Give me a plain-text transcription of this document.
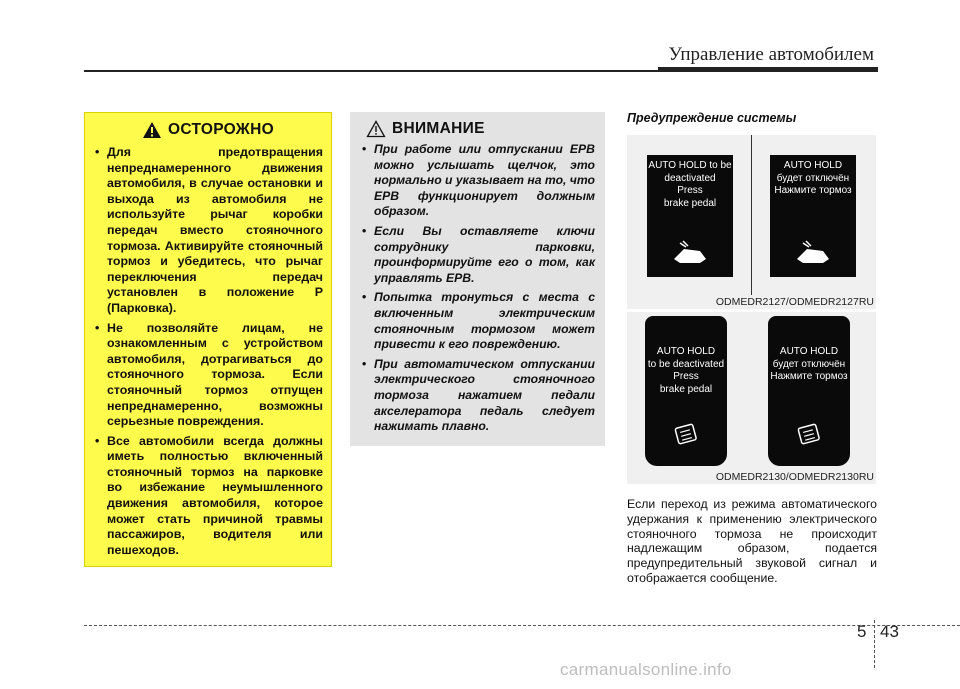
Управление автомобилем
ОСТОРОЖНО
• Для предотвращения непреднамеренного движения автомобиля, в случае остановки и выхода из автомобиля не используйте рычаг коробки передач вместо стояночного тормоза. Активируйте стояночный тормоз и убедитесь, что рычаг переключения передач установлен в положение P (Парковка).
• Не позволяйте лицам, не ознакомленным с устройством автомобиля, дотрагиваться до стояночного тормоза. Если стояночный тормоз отпущен непреднамеренно, возможны серьезные повреждения.
• Все автомобили всегда должны иметь полностью включенный стояночный тормоз на парковке во избежание неумышленного движения автомобиля, которое может стать причиной травмы пассажиров, водителя или пешеходов.
ВНИМАНИЕ
• При работе или отпускании EPB можно услышать щелчок, это нормально и указывает на то, что EPB функционирует должным образом.
• Если Вы оставляете ключи сотруднику парковки, проинформируйте его о том, как управлять EPB.
• Попытка тронуться с места с включенным электрическим стояночным тормозом может привести к его повреждению.
• При автоматическом отпускании электрического стояночного тормоза нажатием педали акселератора педаль следует нажимать плавно.
Предупреждение системы
AUTO HOLD to be
deactivated
Press
brake pedal
AUTO HOLD
будет отключён
Нажмите тормоз
ODMEDR2127/ODMEDR2127RU
AUTO HOLD
to be deactivated
Press
brake pedal
AUTO HOLD
будет отключён
Нажмите тормоз
ODMEDR2130/ODMEDR2130RU
Если переход из режима автоматического удержания к применению электрического стояночного тормоза не происходит надлежащим образом, подается предупредительный звуковой сигнал и отображается сообщение.
5 43
carmanualsonline.info
